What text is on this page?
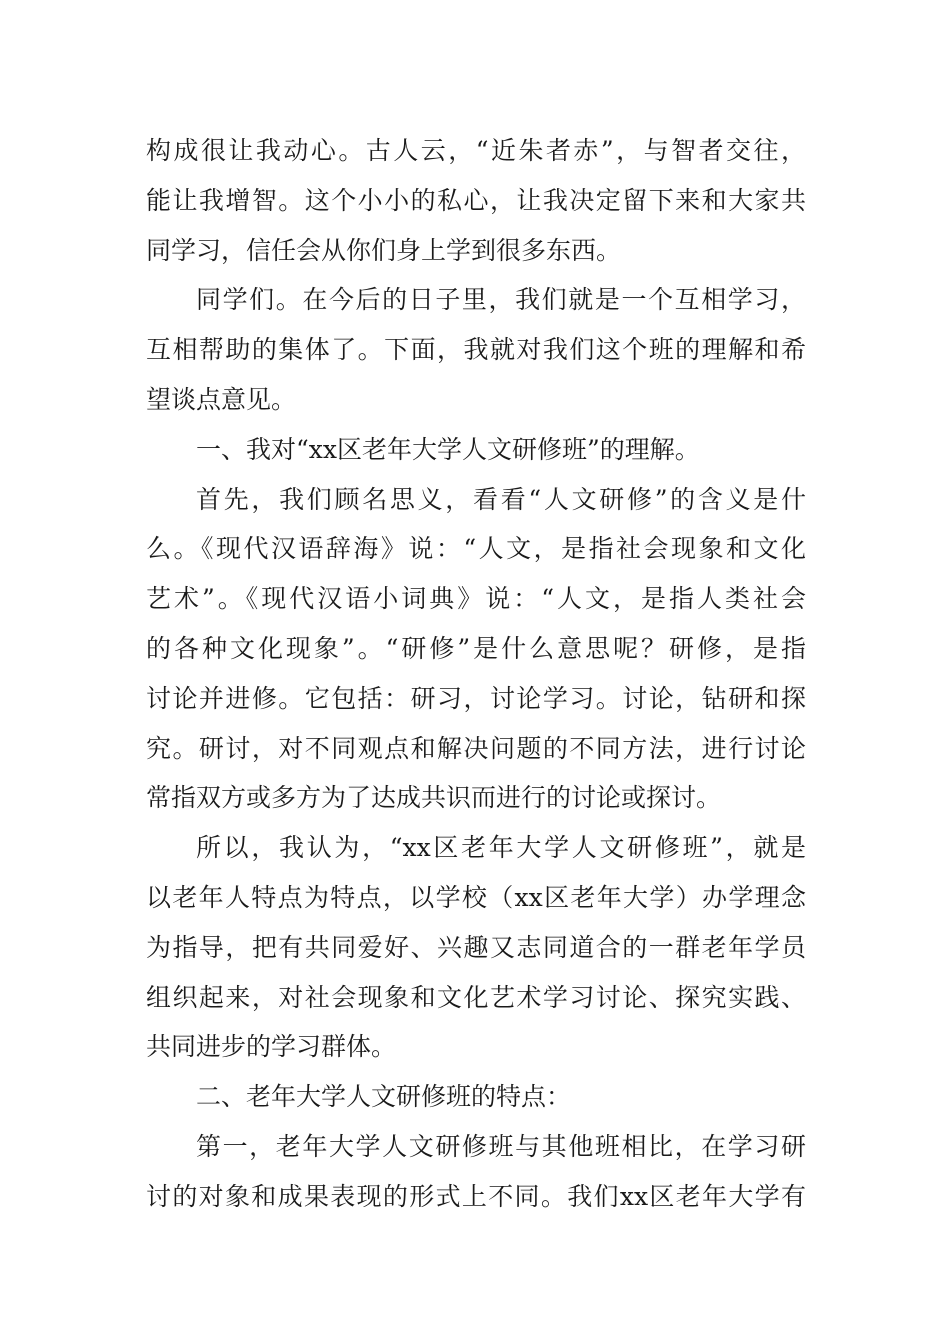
构成很让我动心。古人云，“近朱者赤”，与智者交往，
能让我增智。这个小小的私心，让我决定留下来和大家共
同学习，信任会从你们身上学到很多东西。
同学们。在今后的日子里，我们就是一个互相学习，
互相帮助的集体了。下面，我就对我们这个班的理解和希
望谈点意见。
一、我对“xx区老年大学人文研修班”的理解。
首先，我们顾名思义，看看“人文研修”的含义是什
么。《现代汉语辞海》说：“人文，是指社会现象和文化
艺术”。《现代汉语小词典》说：“人文，是指人类社会
的各种文化现象”。“研修”是什么意思呢？研修，是指
讨论并进修。它包括：研习，讨论学习。讨论，钻研和探
究。研讨，对不同观点和解决问题的不同方法，进行讨论
常指双方或多方为了达成共识而进行的讨论或探讨。
所以，我认为，“xx区老年大学人文研修班”，就是
以老年人特点为特点，以学校（xx区老年大学）办学理念
为指导，把有共同爱好、兴趣又志同道合的一群老年学员
组织起来，对社会现象和文化艺术学习讨论、探究实践、
共同进步的学习群体。
二、老年大学人文研修班的特点：
第一，老年大学人文研修班与其他班相比，在学习研
讨的对象和成果表现的形式上不同。我们xx区老年大学有
